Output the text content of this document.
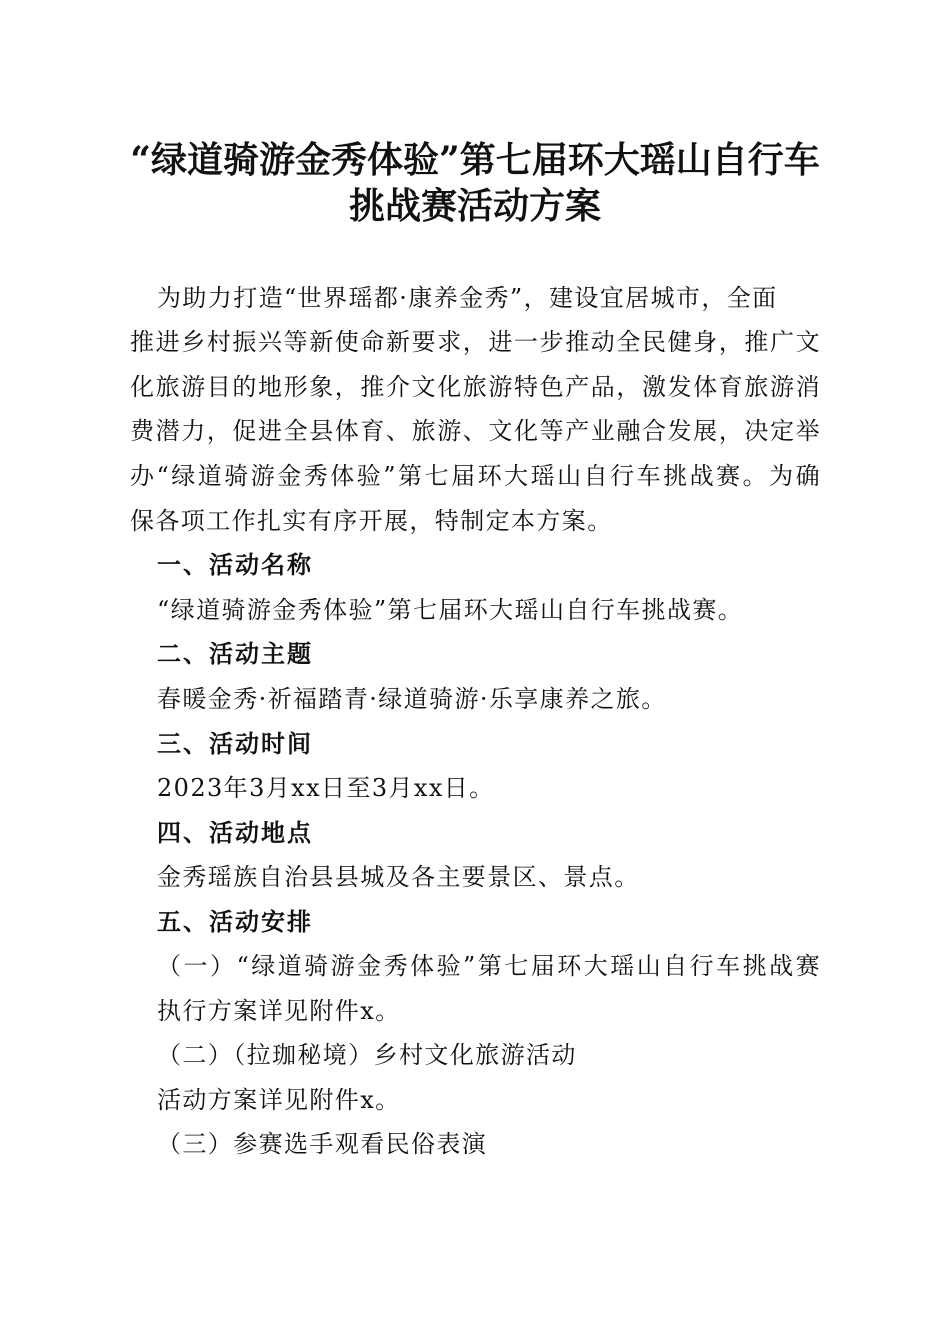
“绿道骑游金秀体验”第七届环大瑶山自行车
挑战赛活动方案
为助力打造“世界瑶都·康养金秀”，建设宜居城市，全面
推进乡村振兴等新使命新要求，进一步推动全民健身，推广文
化旅游目的地形象，推介文化旅游特色产品，激发体育旅游消
费潜力，促进全县体育、旅游、文化等产业融合发展，决定举
办“绿道骑游金秀体验”第七届环大瑶山自行车挑战赛。为确
保各项工作扎实有序开展，特制定本方案。
一、活动名称
“绿道骑游金秀体验”第七届环大瑶山自行车挑战赛。
二、活动主题
春暖金秀·祈福踏青·绿道骑游·乐享康养之旅。
三、活动时间
2023年3月xx日至3月xx日。
四、活动地点
金秀瑶族自治县县城及各主要景区、景点。
五、活动安排
（一）“绿道骑游金秀体验”第七届环大瑶山自行车挑战赛
执行方案详见附件x。
（二）（拉珈秘境）乡村文化旅游活动
活动方案详见附件x。
（三）参赛选手观看民俗表演
